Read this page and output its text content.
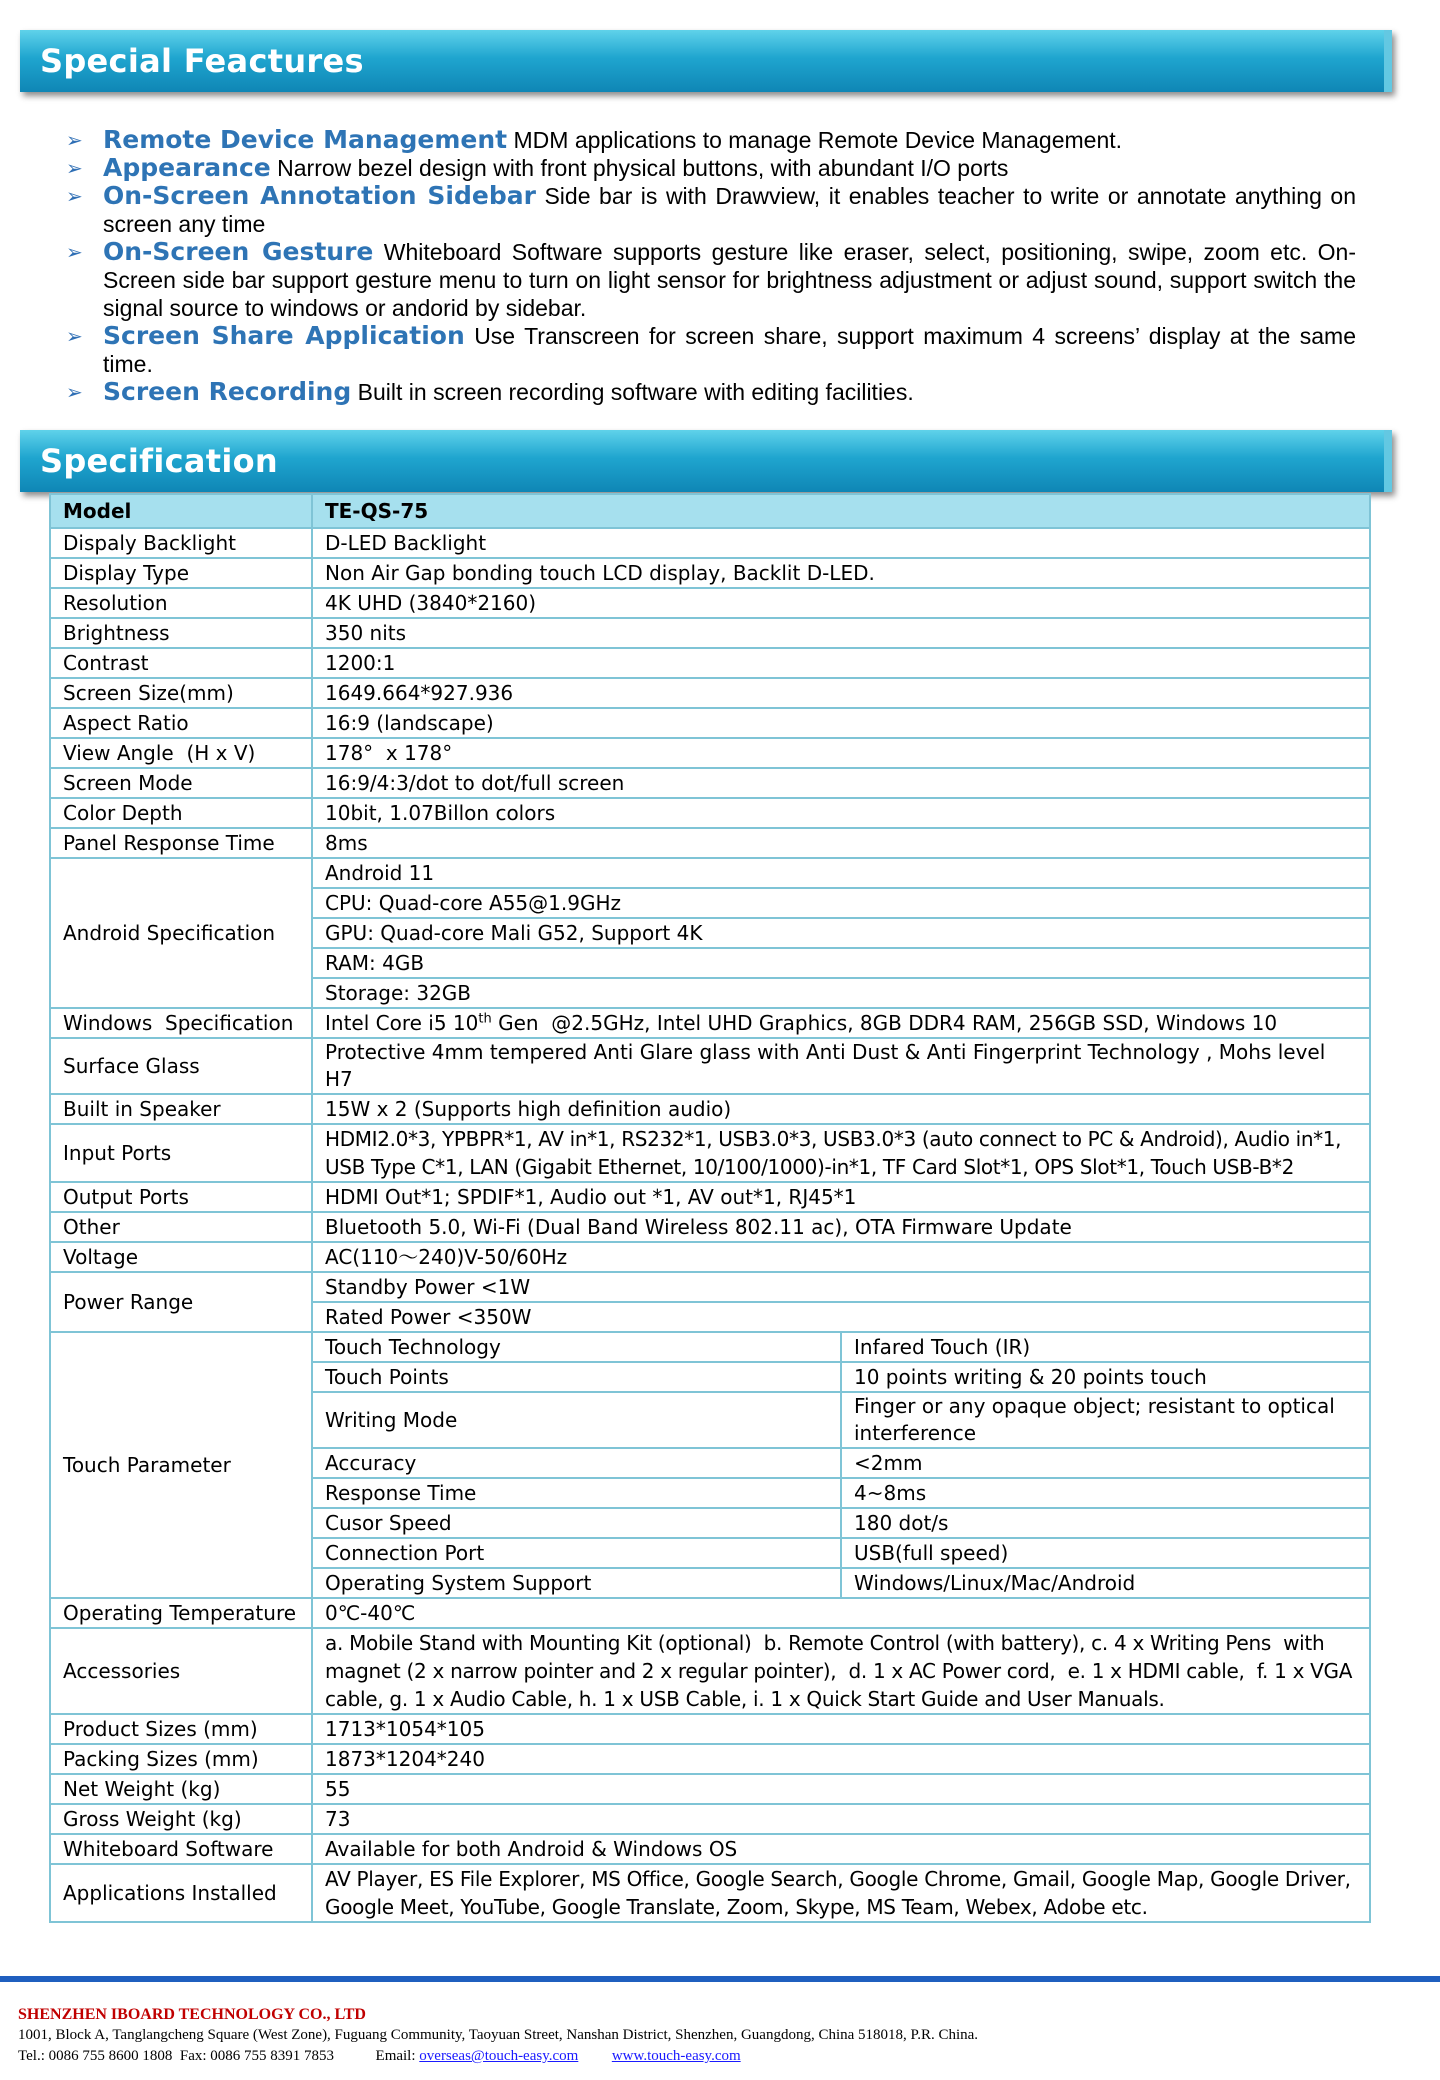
Special Feactures
➢ Remote Device Management MDM applications to manage Remote Device Management.
➢ Appearance Narrow bezel design with front physical buttons, with abundant I/O ports
➢ On-Screen Annotation Sidebar Side bar is with Drawview, it enables teacher to write or annotate anything on screen any time
➢ On-Screen Gesture Whiteboard Software supports gesture like eraser, select, positioning, swipe, zoom etc. On-Screen side bar support gesture menu to turn on light sensor for brightness adjustment or adjust sound, support switch the signal source to windows or andorid by sidebar.
➢ Screen Share Application Use Transcreen for screen share, support maximum 4 screens’ display at the same time.
➢ Screen Recording Built in screen recording software with editing facilities.
Specification
Model	TE-QS-75	
Dispaly Backlight	D-LED Backlight	
Display Type	Non Air Gap bonding touch LCD display, Backlit D-LED.	
Resolution	4K UHD (3840*2160)	
Brightness	350 nits	
Contrast	1200:1	
Screen Size(mm)	1649.664*927.936	
Aspect Ratio	16:9 (landscape)	
View Angle  (H x V)	178°  x 178°	
Screen Mode	16:9/4:3/dot to dot/full screen	
Color Depth	10bit, 1.07Billon colors	
Panel Response Time	8ms	
Android Specification	Android 11	
	CPU: Quad-core A55@1.9GHz	
	GPU: Quad-core Mali G52, Support 4K	
	RAM: 4GB	
	Storage: 32GB	
Windows  Specification	Intel Core i5 10th Gen  @2.5GHz, Intel UHD Graphics, 8GB DDR4 RAM, 256GB SSD, Windows 10	
Surface Glass	Protective 4mm tempered Anti Glare glass with Anti Dust & Anti Fingerprint Technology , Mohs level  H7	
Built in Speaker	15W x 2 (Supports high definition audio)	
Input Ports	HDMI2.0*3, YPBPR*1, AV in*1, RS232*1, USB3.0*3, USB3.0*3 (auto connect to PC & Android), Audio in*1, USB Type C*1, LAN (Gigabit Ethernet, 10/100/1000)-in*1, TF Card Slot*1, OPS Slot*1, Touch USB-B*2	
Output Ports	HDMI Out*1; SPDIF*1, Audio out *1, AV out*1, RJ45*1	
Other	Bluetooth 5.0, Wi-Fi (Dual Band Wireless 802.11 ac), OTA Firmware Update	
Voltage	AC(110～240)V-50/60Hz	
Power Range	Standby Power <1W	
	Rated Power <350W	
Touch Parameter	Touch Technology	Infared Touch (IR)
	Touch Points	10 points writing & 20 points touch
	Writing Mode	Finger or any opaque object; resistant to optical interference
	Accuracy	<2mm
	Response Time	4~8ms
	Cusor Speed	180 dot/s
	Connection Port	USB(full speed)
	Operating System Support	Windows/Linux/Mac/Android
Operating Temperature	0℃-40℃	
Accessories	a. Mobile Stand with Mounting Kit (optional)  b. Remote Control (with battery), c. 4 x Writing Pens  with magnet (2 x narrow pointer and 2 x regular pointer),  d. 1 x AC Power cord,  e. 1 x HDMI cable,  f. 1 x VGA cable, g. 1 x Audio Cable, h. 1 x USB Cable, i. 1 x Quick Start Guide and User Manuals.	
Product Sizes (mm)	1713*1054*105	
Packing Sizes (mm)	1873*1204*240	
Net Weight (kg)	55	
Gross Weight (kg)	73	
Whiteboard Software	Available for both Android & Windows OS	
Applications Installed	AV Player, ES File Explorer, MS Office, Google Search, Google Chrome, Gmail, Google Map, Google Driver, Google Meet, YouTube, Google Translate, Zoom, Skype, MS Team, Webex, Adobe etc.	
SHENZHEN IBOARD TECHNOLOGY CO., LTD
1001, Block A, Tanglangcheng Square (West Zone), Fuguang Community, Taoyuan Street, Nanshan District, Shenzhen, Guangdong, China 518018, P.R. China.
Tel.: 0086 755 8600 1808  Fax: 0086 755 8391 7853	Email: overseas@touch-easy.com www.touch-easy.com
